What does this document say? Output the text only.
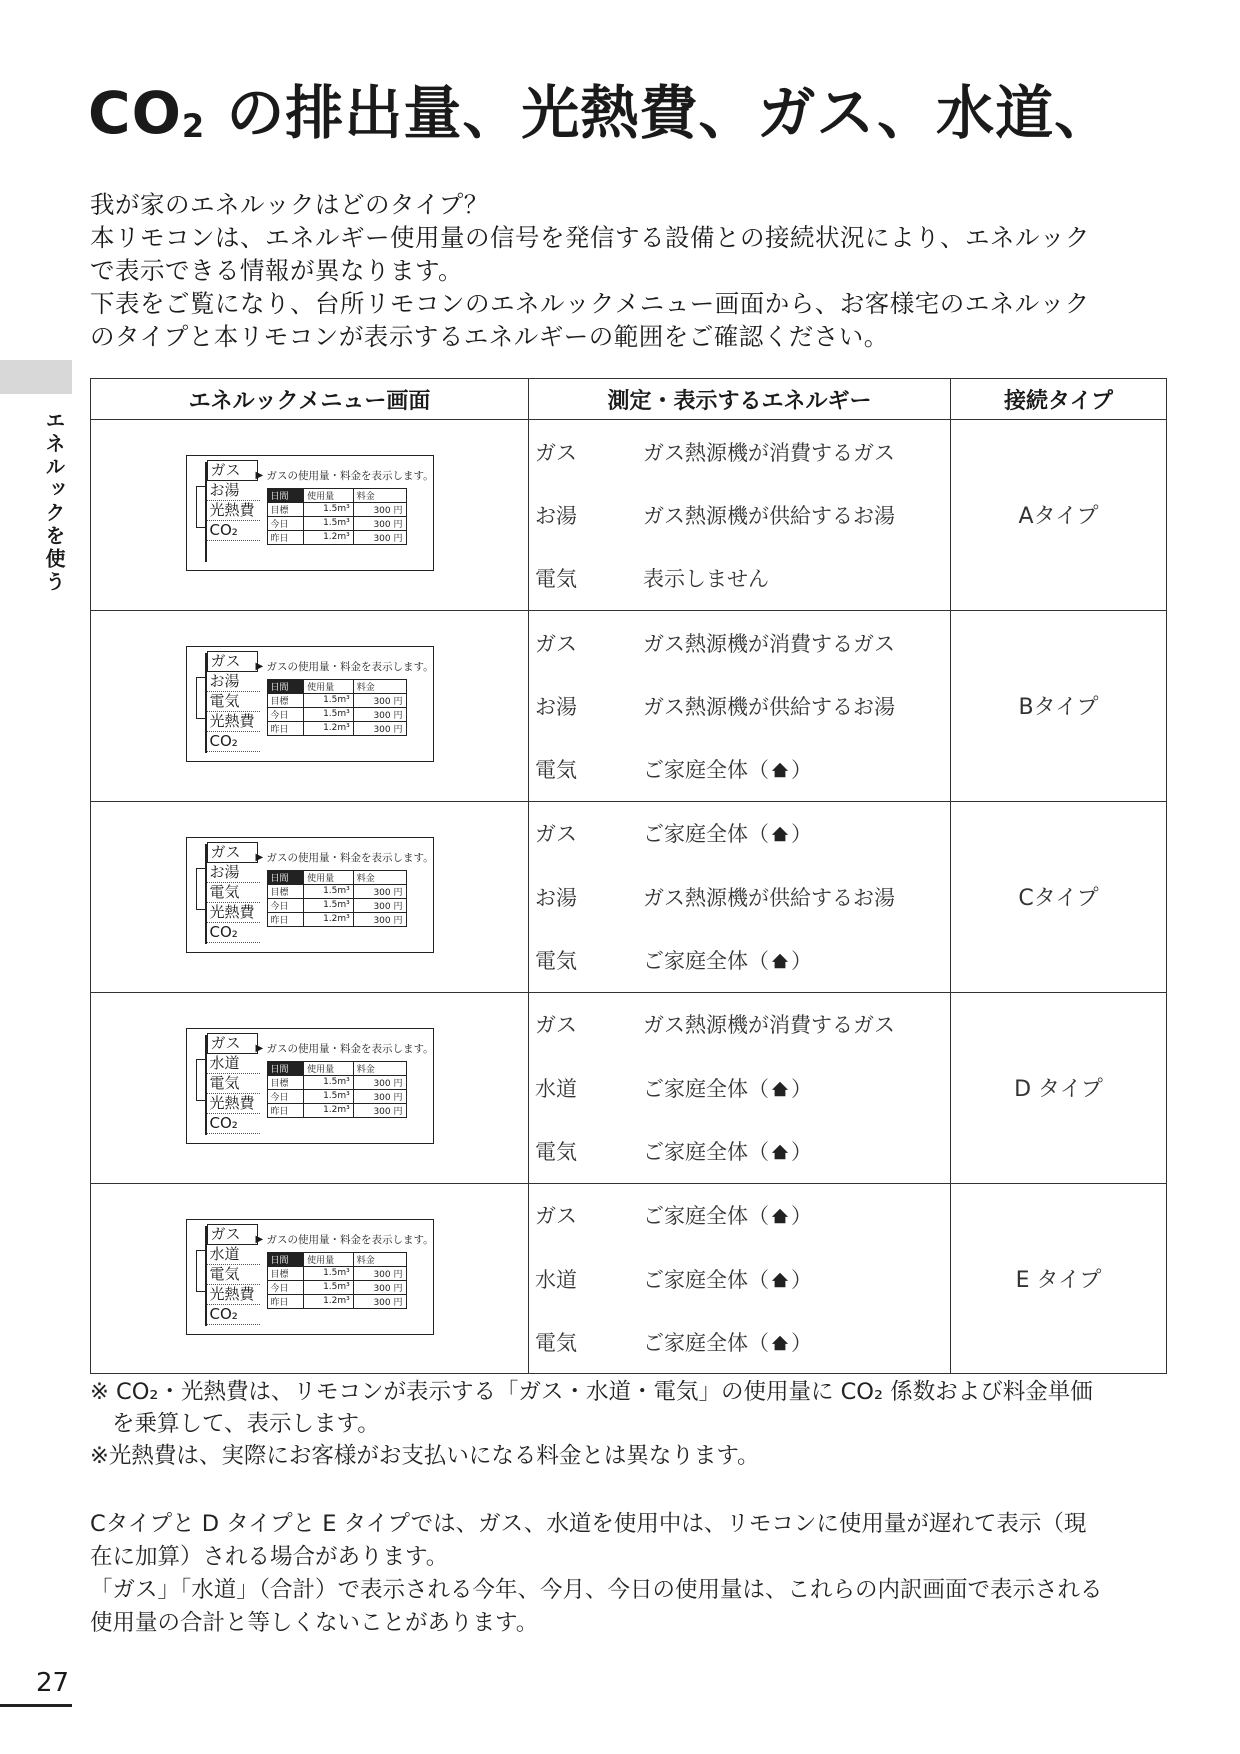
$CO_2$ の排出量、光熱費、ガス、水道、

我が家のエネルックはどのタイプ？

本リモコンは、エネルギー使用量の信号を発信する設備との接続状況により、エネルック

で表示できる情報が異なります。

下表をご覧になり、台所リモコンのエネルックメニュー画面から、お客様宅のエネルック

のタイプと本リモコンが表示するエネルギーの範囲をご確認ください。

エネルックを使う
エネルックメニュー画面	測定・表示するエネルギー	接続タイプ

ガス
お湯
光熱費
CO₂
▶ ガスの使用量・料金を表示します。
日間	使用量	料金
目標	1.5m³	300 円
今日	1.5m³	300 円
昨日	1.2m³	300 円

ガス	ガス熱源機が消費するガス
お湯	ガス熱源機が供給するお湯
電気	表示しません
	Aタイプ

ガス
お湯
電気
光熱費
CO₂
▶ ガスの使用量・料金を表示します。
日間	使用量	料金
目標	1.5m³	300 円
今日	1.5m³	300 円
昨日	1.2m³	300 円

ガス	ガス熱源機が消費するガス
お湯	ガス熱源機が供給するお湯
電気	ご家庭全体（ ）
	Bタイプ

ガス
お湯
電気
光熱費
CO₂
▶ ガスの使用量・料金を表示します。
日間	使用量	料金
目標	1.5m³	300 円
今日	1.5m³	300 円
昨日	1.2m³	300 円

ガス	ご家庭全体（ ）
お湯	ガス熱源機が供給するお湯
電気	ご家庭全体（ ）
	Cタイプ

ガス
水道
電気
光熱費
CO₂
▶ ガスの使用量・料金を表示します。
日間	使用量	料金
目標	1.5m³	300 円
今日	1.5m³	300 円
昨日	1.2m³	300 円

ガス	ガス熱源機が消費するガス
水道	ご家庭全体（ ）
電気	ご家庭全体（ ）
	D タイプ

ガス
水道
電気
光熱費
CO₂
▶ ガスの使用量・料金を表示します。
日間	使用量	料金
目標	1.5m³	300 円
今日	1.5m³	300 円
昨日	1.2m³	300 円

ガス	ご家庭全体（ ）
水道	ご家庭全体（ ）
電気	ご家庭全体（ ）
	E タイプ

※ CO₂・光熱費は、リモコンが表示する「ガス・水道・電気」の使用量に CO₂ 係数および料金単価

を乗算して、表示します。

※光熱費は、実際にお客様がお支払いになる料金とは異なります。

Cタイプと D タイプと E タイプでは、ガス、水道を使用中は、リモコンに使用量が遅れて表示（現

在に加算）される場合があります。

「ガス」「水道」（合計）で表示される今年、今月、今日の使用量は、これらの内訳画面で表示される

使用量の合計と等しくないことがあります。

27
